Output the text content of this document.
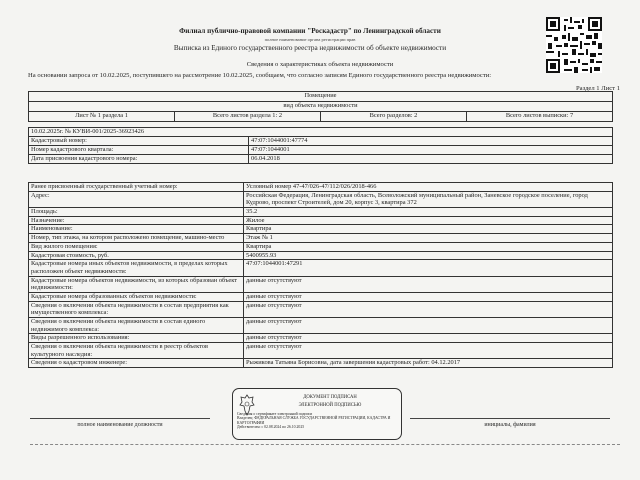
Филиал публично-правовой компании "Роскадастр" по Ленинградской области
полное наименование органа регистрации прав
Выписка из Единого государственного реестра недвижимости об объекте недвижимости
Сведения о характеристиках объекта недвижимости
На основании запроса от 10.02.2025, поступившего на рассмотрение 10.02.2025, сообщаем, что согласно записям Единого государственного реестра недвижимости:
Раздел 1 Лист 1
Помещение
вид объекта недвижимости
Лист № 1 раздела 1	Всего листов раздела 1: 2	Всего разделов: 2	Всего листов выписки: 7
10.02.2025г. № КУВИ-001/2025-36923426	
Кадастровый номер:	47:07:1044001:47774
Номер кадастрового квартала:	47:07:1044001
Дата присвоения кадастрового номера:	06.04.2018
Ранее присвоенный государственный учетный номер:	Условный номер 47-47/026-47/112/026/2018-466
Адрес:	Российская Федерация, Ленинградская область, Всеволожский муниципальный район, Заневское городское поселение, город Кудрово, проспект Строителей, дом 20, корпус 3, квартира 372
Площадь:	35.2
Назначение:	Жилое
Наименование:	Квартира
Номер, тип этажа, на котором расположено помещение, машино-место	Этаж № 1
Вид жилого помещения:	Квартира
Кадастровая стоимость, руб.	5400955.93
Кадастровые номера иных объектов недвижимости, в пределах которых расположен объект недвижимости:	47:07:1044001:47291
Кадастровые номера объектов недвижимости, из которых образован объект недвижимости:	данные отсутствуют
Кадастровые номера образованных объектов недвижимости:	данные отсутствуют
Сведения о включении объекта недвижимости в состав предприятия как имущественного комплекса:	данные отсутствуют
Сведения о включении объекта недвижимости в состав единого недвижимого комплекса:	данные отсутствуют
Виды разрешенного использования:	данные отсутствуют
Сведения о включении объекта недвижимости в реестр объектов культурного наследия:	данные отсутствуют
Сведения о кадастровом инженере:	Рыжикова Татьяна Борисовна, дата завершения кадастровых работ: 04.12.2017
ДОКУМЕНТ ПОДПИСАН
ЭЛЕКТРОННОЙ ПОДПИСЬЮ
Сведения о сертификате электронной подписи
Владелец: ФЕДЕРАЛЬНАЯ СЛУЖБА ГОСУДАРСТВЕННОЙ РЕГИСТРАЦИИ, КАДАСТРА И КАРТОГРАФИИ
Действителен: с 02.08.2024 по 26.10.2025
полное наименование должности	инициалы, фамилия
